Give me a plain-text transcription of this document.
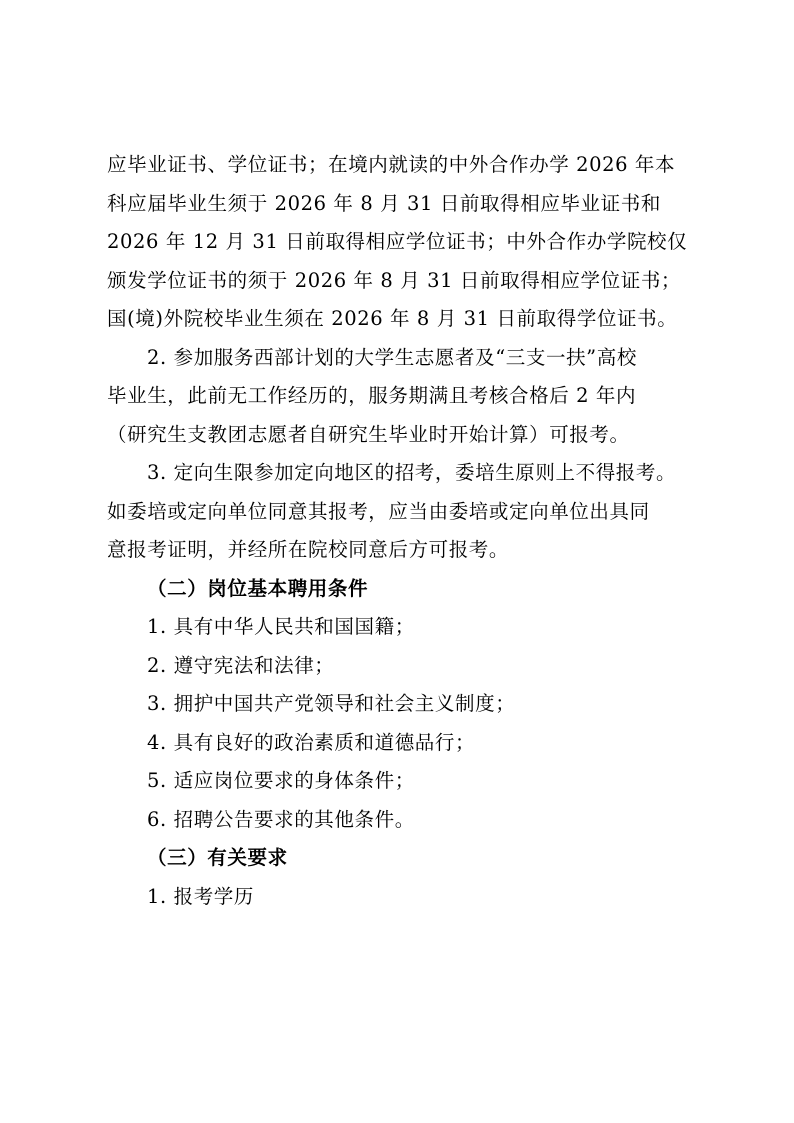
应毕业证书、学位证书；在境内就读的中外合作办学 2026 年本
科应届毕业生须于 2026 年 8 月 31 日前取得相应毕业证书和
2026 年 12 月 31 日前取得相应学位证书；中外合作办学院校仅
颁发学位证书的须于 2026 年 8 月 31 日前取得相应学位证书；
国(境)外院校毕业生须在 2026 年 8 月 31 日前取得学位证书。
2. 参加服务西部计划的大学生志愿者及“三支一扶”高校
毕业生，此前无工作经历的，服务期满且考核合格后 2 年内
（研究生支教团志愿者自研究生毕业时开始计算）可报考。
3. 定向生限参加定向地区的招考，委培生原则上不得报考。
如委培或定向单位同意其报考，应当由委培或定向单位出具同
意报考证明，并经所在院校同意后方可报考。
（二）岗位基本聘用条件
1. 具有中华人民共和国国籍；
2. 遵守宪法和法律；
3. 拥护中国共产党领导和社会主义制度；
4. 具有良好的政治素质和道德品行；
5. 适应岗位要求的身体条件；
6. 招聘公告要求的其他条件。
（三）有关要求
1. 报考学历
